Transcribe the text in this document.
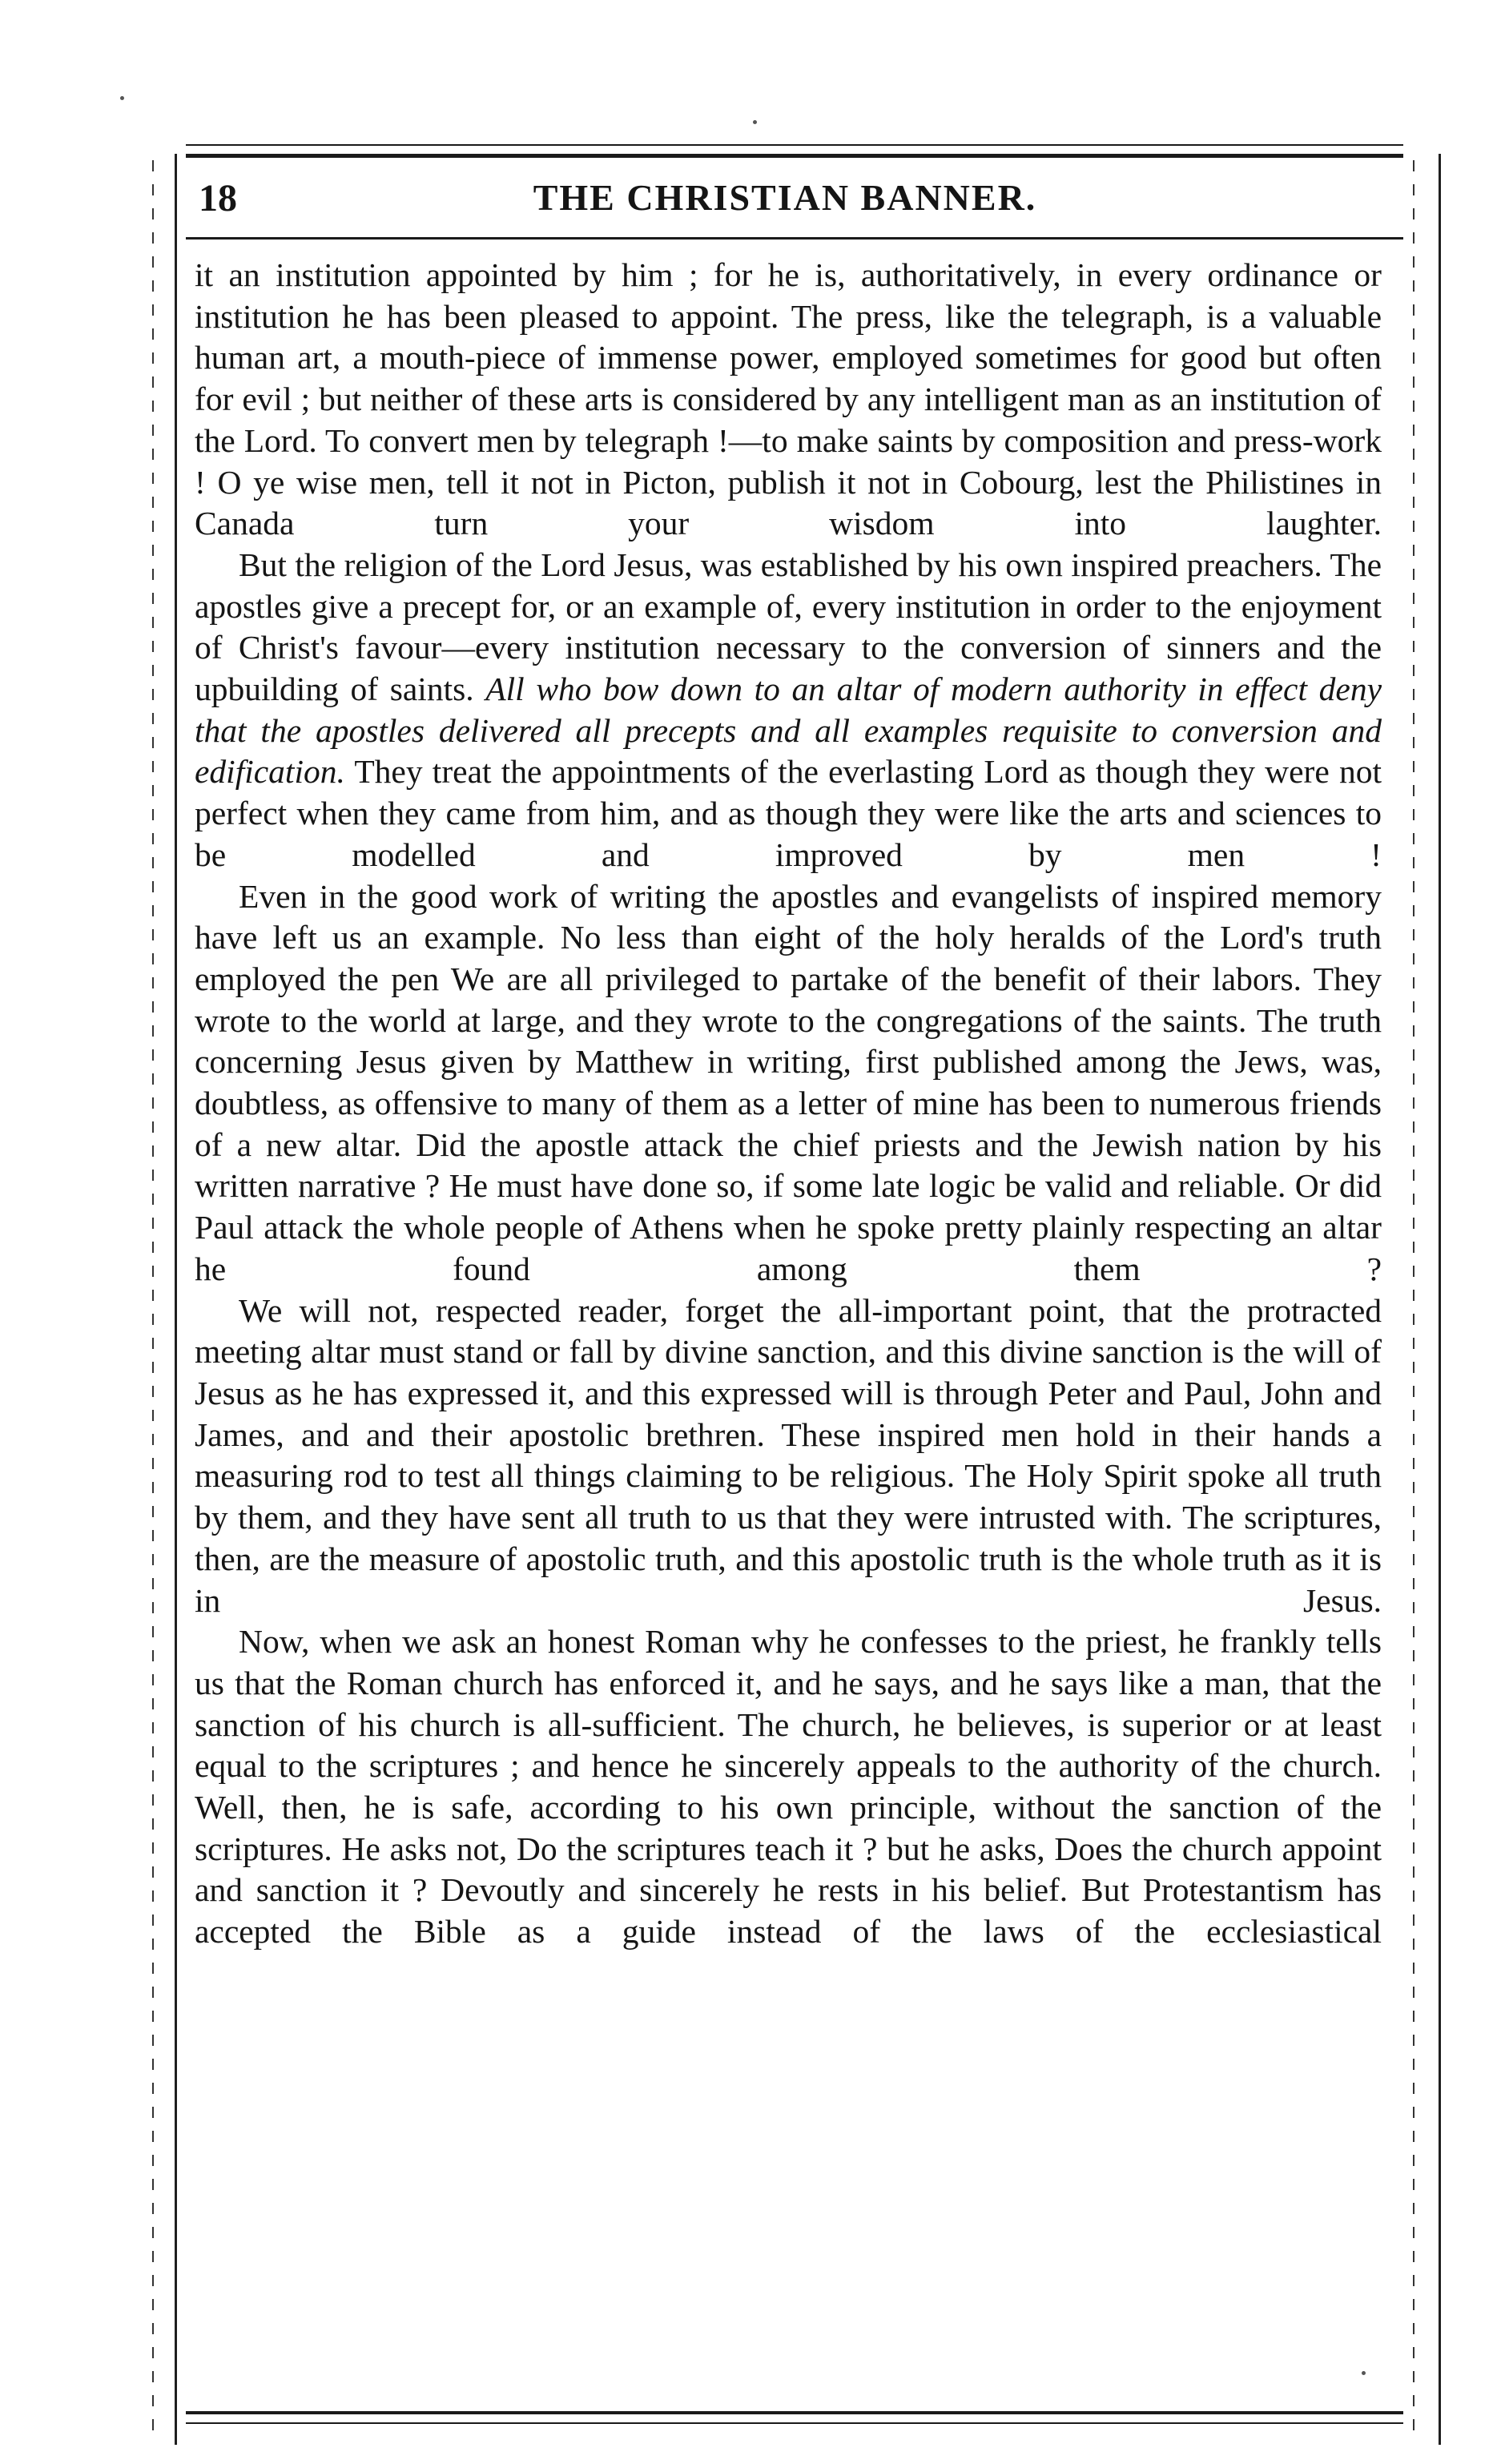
18	THE CHRISTIAN BANNER.

it an institution appointed by him ; for he is, authoritatively, in every ordinance or institution he has been pleased to appoint. The press, like the telegraph, is a valuable human art, a mouth-piece of immense power, employed sometimes for good but often for evil ; but neither of these arts is considered by any intelligent man as an institution of the Lord. To convert men by telegraph !—to make saints by composition and press-work ! O ye wise men, tell it not in Picton, publish it not in Cobourg, lest the Philistines in Canada turn your wisdom into laughter.

But the religion of the Lord Jesus, was established by his own inspired preachers. The apostles give a precept for, or an example of, every institution in order to the enjoyment of Christ's favour—every institution necessary to the conversion of sinners and the upbuilding of saints. All who bow down to an altar of modern authority in effect deny that the apostles delivered all precepts and all examples requisite to conversion and edification. They treat the appointments of the everlasting Lord as though they were not perfect when they came from him, and as though they were like the arts and sciences to be modelled and improved by men !

Even in the good work of writing the apostles and evangelists of inspired memory have left us an example. No less than eight of the holy heralds of the Lord's truth employed the pen We are all privileged to partake of the benefit of their labors. They wrote to the world at large, and they wrote to the congregations of the saints. The truth concerning Jesus given by Matthew in writing, first published among the Jews, was, doubtless, as offensive to many of them as a letter of mine has been to numerous friends of a new altar. Did the apostle attack the chief priests and the Jewish nation by his written narrative ? He must have done so, if some late logic be valid and reliable. Or did Paul attack the whole people of Athens when he spoke pretty plainly respecting an altar he found among them ?

We will not, respected reader, forget the all-important point, that the protracted meeting altar must stand or fall by divine sanction, and this divine sanction is the will of Jesus as he has expressed it, and this expressed will is through Peter and Paul, John and James, and and their apostolic brethren. These inspired men hold in their hands a measuring rod to test all things claiming to be religious. The Holy Spirit spoke all truth by them, and they have sent all truth to us that they were intrusted with. The scriptures, then, are the measure of apostolic truth, and this apostolic truth is the whole truth as it is in Jesus.

Now, when we ask an honest Roman why he confesses to the priest, he frankly tells us that the Roman church has enforced it, and he says, and he says like a man, that the sanction of his church is all-sufficient. The church, he believes, is superior or at least equal to the scriptures ; and hence he sincerely appeals to the authority of the church. Well, then, he is safe, according to his own principle, without the sanction of the scriptures. He asks not, Do the scriptures teach it ? but he asks, Does the church appoint and sanction it ? Devoutly and sincerely he rests in his belief. But Protestantism has accepted the Bible as a guide instead of the laws of the ecclesiastical
